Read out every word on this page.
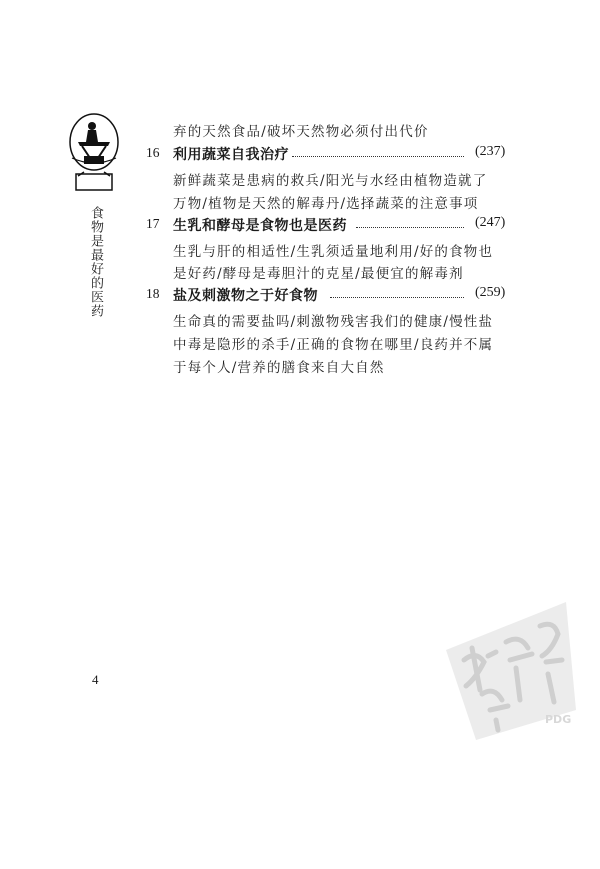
食物是最好的医药
弃的天然食品/破坏天然物必须付出代价
16 利用蔬菜自我治疗	(237)
新鲜蔬菜是患病的救兵/阳光与水经由植物造就了
万物/植物是天然的解毒丹/选择蔬菜的注意事项
17 生乳和酵母是食物也是医药	(247)
生乳与肝的相适性/生乳须适量地利用/好的食物也
是好药/酵母是毒胆汁的克星/最便宜的解毒剂
18 盐及刺激物之于好食物	(259)
生命真的需要盐吗/刺激物残害我们的健康/慢性盐
中毒是隐形的杀手/正确的食物在哪里/良药并不属
于每个人/营养的膳食来自大自然
4
PDG
